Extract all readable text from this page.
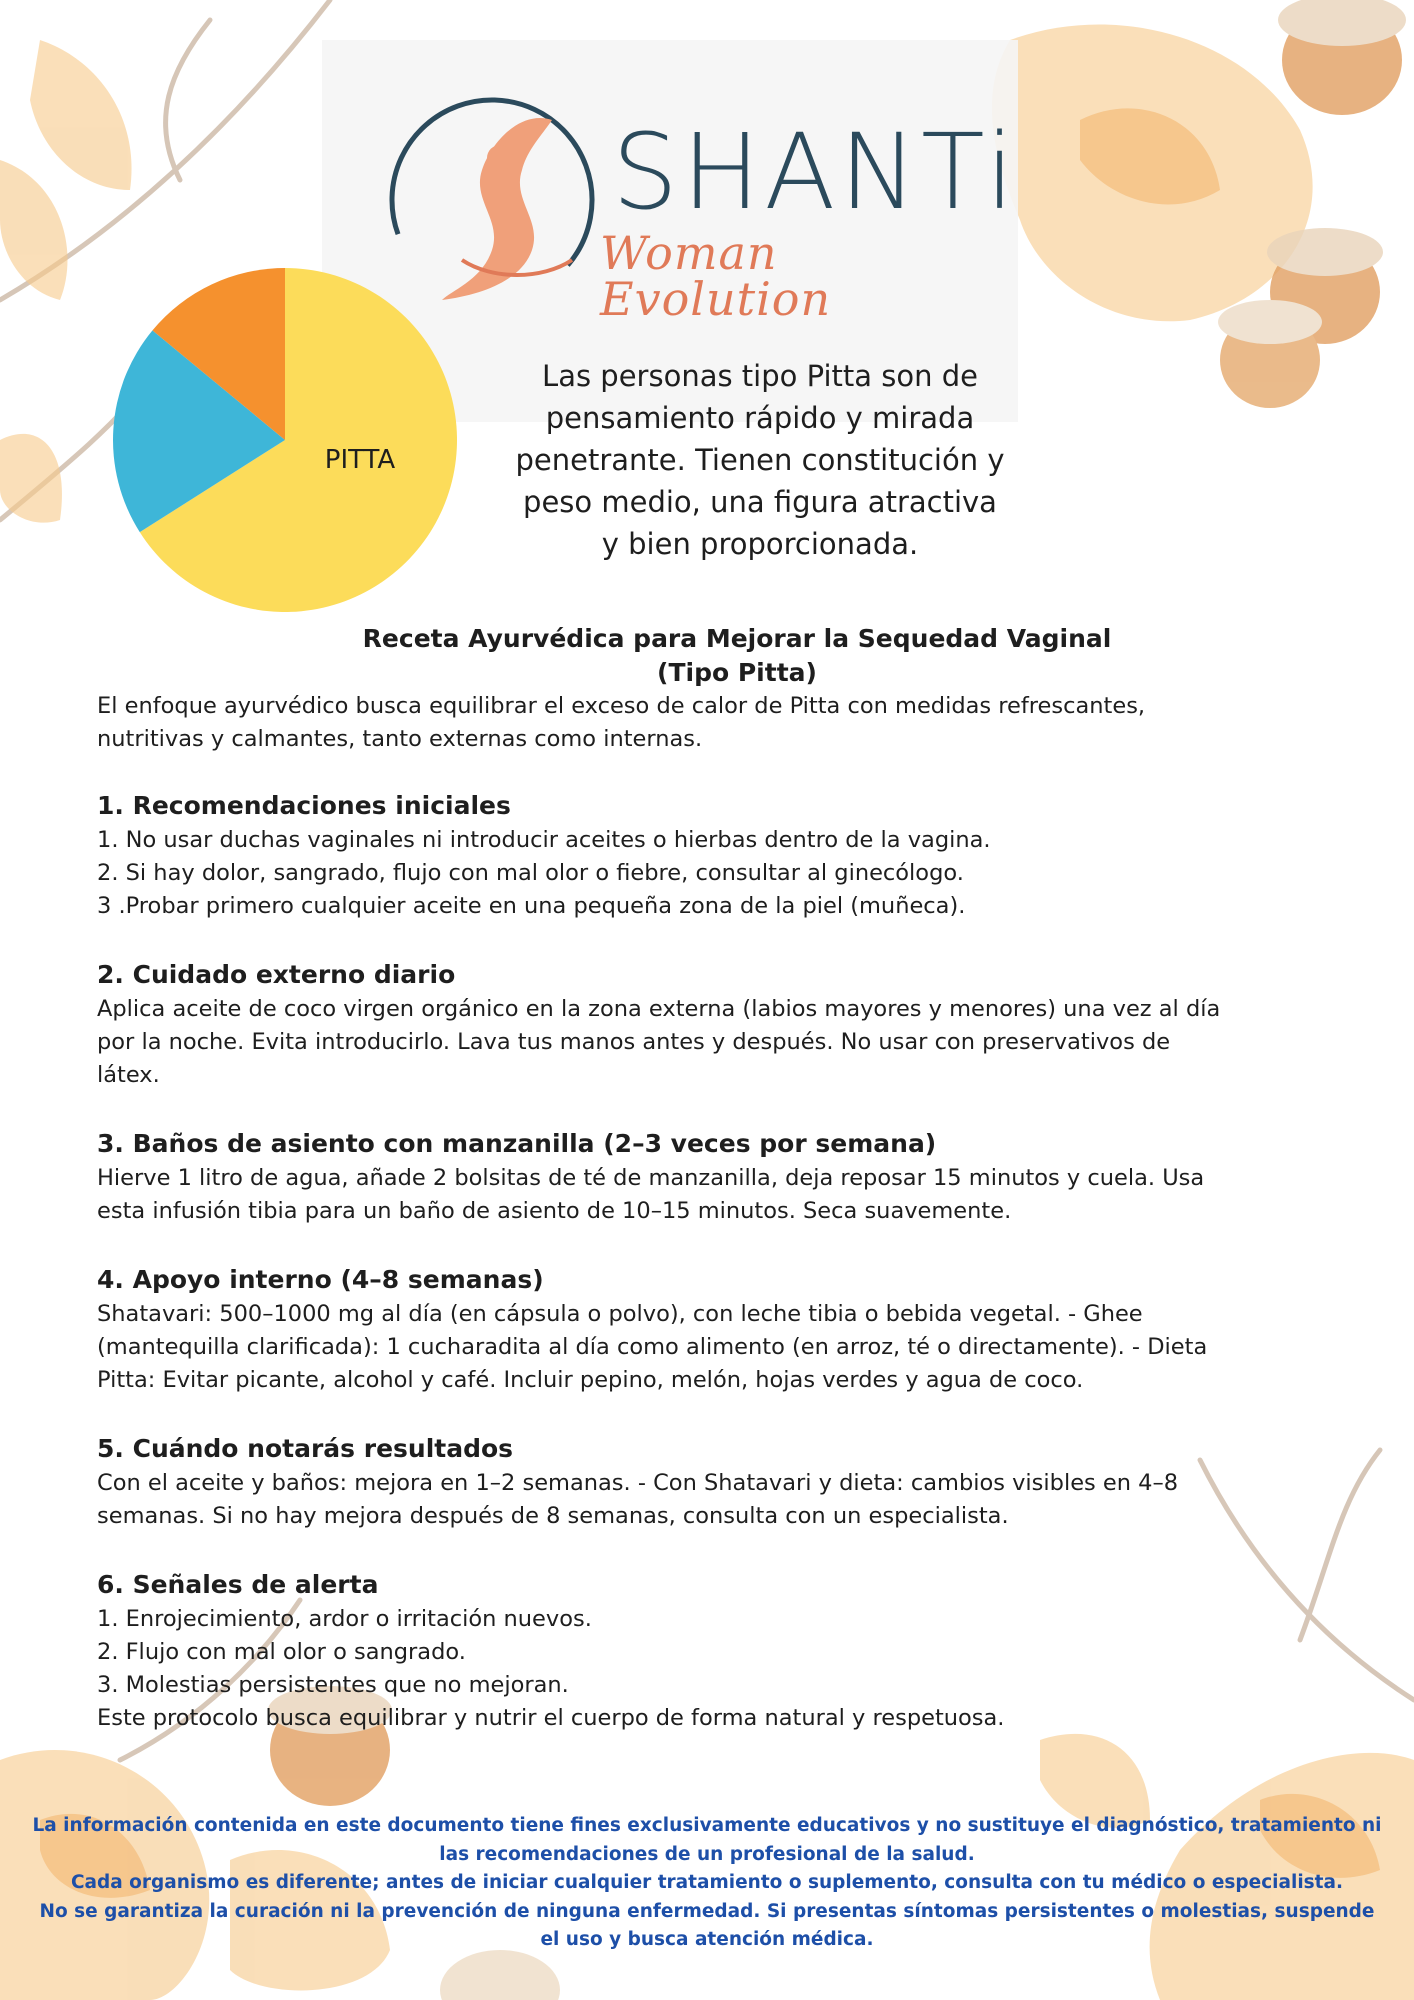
SHANTi
Woman Evolution
PITTA

Las personas tipo Pitta son de pensamiento rápido y mirada penetrante. Tienen constitución y peso medio, una figura atractiva y bien proporcionada.

Receta Ayurvédica para Mejorar la Sequedad Vaginal
(Tipo Pitta)

El enfoque ayurvédico busca equilibrar el exceso de calor de Pitta con medidas refrescantes, nutritivas y calmantes, tanto externas como internas.

1. Recomendaciones iniciales
1. No usar duchas vaginales ni introducir aceites o hierbas dentro de la vagina.
2. Si hay dolor, sangrado, flujo con mal olor o fiebre, consultar al ginecólogo.
3 .Probar primero cualquier aceite en una pequeña zona de la piel (muñeca).
2. Cuidado externo diario

Aplica aceite de coco virgen orgánico en la zona externa (labios mayores y menores) una vez al día por la noche. Evita introducirlo. Lava tus manos antes y después. No usar con preservativos de látex.

3. Baños de asiento con manzanilla (2–3 veces por semana)

Hierve 1 litro de agua, añade 2 bolsitas de té de manzanilla, deja reposar 15 minutos y cuela. Usa esta infusión tibia para un baño de asiento de 10–15 minutos. Seca suavemente.

4. Apoyo interno (4–8 semanas)

Shatavari: 500–1000 mg al día (en cápsula o polvo), con leche tibia o bebida vegetal. - Ghee (mantequilla clarificada): 1 cucharadita al día como alimento (en arroz, té o directamente). - Dieta Pitta: Evitar picante, alcohol y café. Incluir pepino, melón, hojas verdes y agua de coco.

5. Cuándo notarás resultados

Con el aceite y baños: mejora en 1–2 semanas. - Con Shatavari y dieta: cambios visibles en 4–8 semanas. Si no hay mejora después de 8 semanas, consulta con un especialista.

6. Señales de alerta
1. Enrojecimiento, ardor o irritación nuevos.
2. Flujo con mal olor o sangrado.
3. Molestias persistentes que no mejoran.

Este protocolo busca equilibrar y nutrir el cuerpo de forma natural y respetuosa.

La información contenida en este documento tiene fines exclusivamente educativos y no sustituye el diagnóstico, tratamiento ni las recomendaciones de un profesional de la salud.

Cada organismo es diferente; antes de iniciar cualquier tratamiento o suplemento, consulta con tu médico o especialista.

No se garantiza la curación ni la prevención de ninguna enfermedad. Si presentas síntomas persistentes o molestias, suspende el uso y busca atención médica.
